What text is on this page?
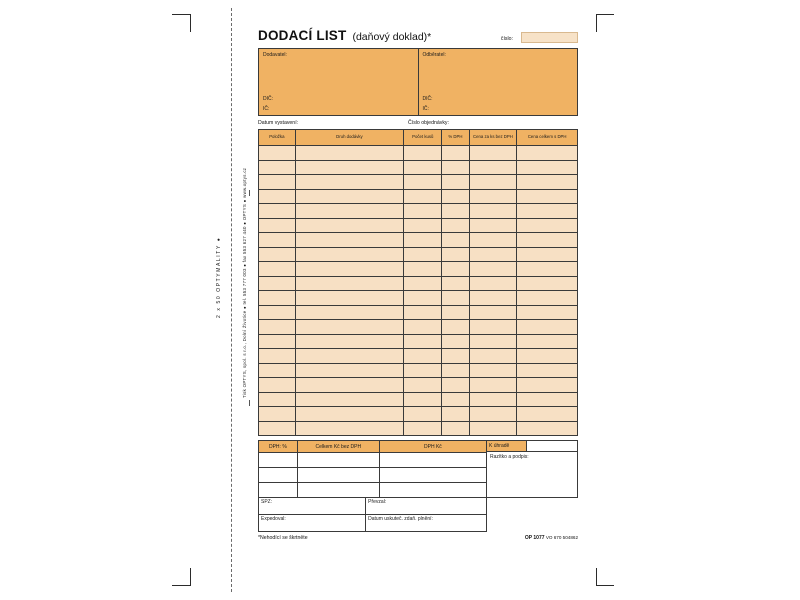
Tisk OPTYS, spol. s r.o., Dolní Životice ● tel. 553 777 003 ● fax 553 627 440 ● OPTYS ● www.optys.cz
2 x 50 OPTYMALITY ●
DODACÍ LIST (daňový doklad)*	číslo:
Dodavatel:
DIČ:
IČ:
Odběratel:
DIČ:
IČ:
Datum vystavení:	Číslo objednávky:
Položka	Druh dodávky	Počet kusů	% DPH	Cena za ks bez DPH	Cena celkem s DPH

DPH: %	Celkem Kč bez DPH	DPH Kč

			K úhradě
Razítko a podpis:
SPZ:	Převzal:
Expedoval:	Datum uskuteč. zdaň. plnění:
*Nehodící se škrtněte	OP 1077 VO 670 504862
